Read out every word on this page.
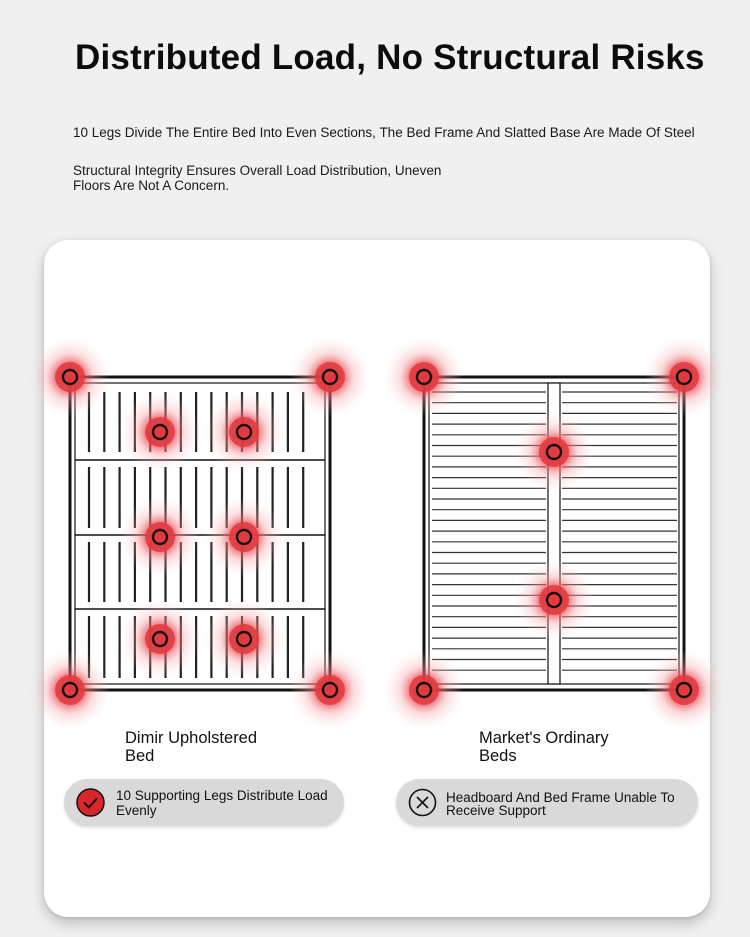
Distributed Load, No Structural Risks

10 Legs Divide The Entire Bed Into Even Sections, The Bed Frame And Slatted Base Are Made Of Steel

Structural Integrity Ensures Overall Load Distribution, Uneven Floors Are Not A Concern.

Dimir Upholstered Bed

Market's Ordinary Beds

10 Supporting Legs Distribute Load Evenly

Headboard And Bed Frame Unable To Receive Support
